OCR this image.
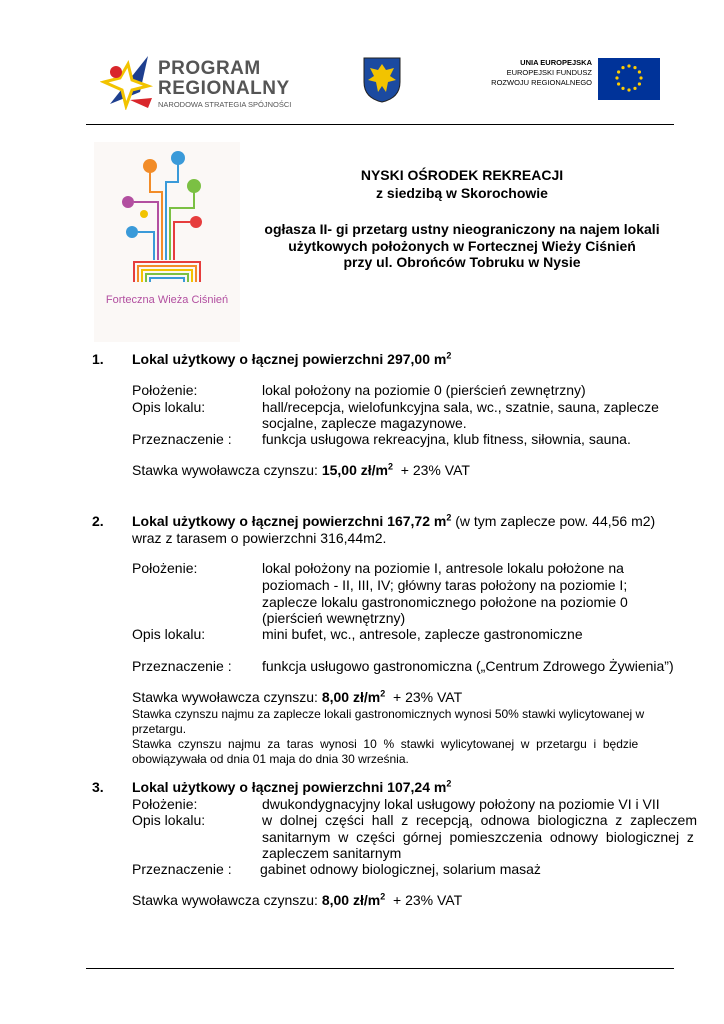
PROGRAM
REGIONALNY
NARODOWA STRATEGIA SPÓJNOŚCI
UNIA EUROPEJSKA
EUROPEJSKI FUNDUSZ
ROZWOJU REGIONALNEGO
Forteczna Wieża Ciśnień
NYSKI OŚRODEK REKREACJI
z siedzibą w Skorochowie
ogłasza II- gi przetarg ustny nieograniczony na najem lokali
użytkowych położonych w Fortecznej Wieży Ciśnień
przy ul. Obrońców Tobruku w Nysie
1. Lokal użytkowy o łącznej powierzchni 297,00 $m^2$
Położenie:	lokal położony na poziomie 0 (pierścień zewnętrzny)
Opis lokalu:	hall/recepcja, wielofunkcyjna sala, wc., szatnie, sauna, zaplecze
socjalne, zaplecze magazynowe.
Przeznaczenie : funkcja usługowa rekreacyjna, klub fitness, siłownia, sauna.
Stawka wywoławcza czynszu: 15,00 $zł/m^2 + 23\%$ VAT
2. Lokal użytkowy o łącznej powierzchni 167,72 $m^2$ (w tym zaplecze pow. 44,56 m2)
wraz z tarasem o powierzchni 316,44m2.
Położenie:	lokal położony na poziomie I, antresole lokalu położone na
poziomach - II, III, IV; główny taras położony na poziomie I;
zaplecze lokalu gastronomicznego położone na poziomie 0
(pierścień wewnętrzny)
Opis lokalu:	mini bufet, wc., antresole, zaplecze gastronomiczne
Przeznaczenie : funkcja usługowo gastronomiczna („Centrum Zdrowego Żywienia”)
Stawka wywoławcza czynszu: 8,00 $zł/m^2 + 23\%$ VAT
Stawka czynszu najmu za zaplecze lokali gastronomicznych wynosi 50% stawki wylicytowanej w
przetargu.
Stawka  czynszu  najmu  za  taras  wynosi  10  %  stawki  wylicytowanej  w  przetargu  i  będzie
obowiązywała od dnia 01 maja do dnia 30 września.
3. Lokal użytkowy o łącznej powierzchni 107,24 $m^2$
Położenie:	dwukondygnacyjny lokal usługowy położony na poziomie VI i VII
Opis lokalu:	w  dolnej  części  hall  z  recepcją,  odnowa  biologiczna  z  zapleczem
sanitarnym  w  części  górnej  pomieszczenia  odnowy  biologicznej  z
zapleczem sanitarnym
Przeznaczenie : gabinet odnowy biologicznej, solarium masaż
Stawka wywoławcza czynszu: 8,00 $zł/m^2 + 23\%$ VAT
